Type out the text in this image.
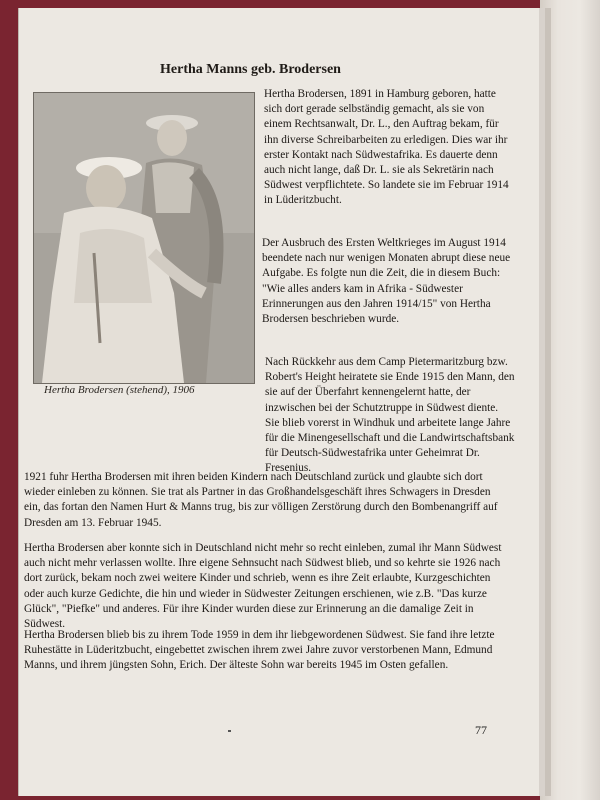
Hertha Manns geb. Brodersen
Hertha Brodersen (stehend), 1906

Hertha Brodersen, 1891 in Hamburg geboren, hatte sich dort gerade selbständig gemacht, als sie von einem Rechtsanwalt, Dr. L., den Auftrag bekam, für ihn diverse Schreibarbeiten zu erledigen. Dies war ihr erster Kontakt nach Südwestafrika. Es dauerte denn auch nicht lange, daß Dr. L. sie als Sekretärin nach Südwest verpflichtete. So landete sie im Februar 1914 in Lüderitzbucht.

Der Ausbruch des Ersten Weltkrieges im August 1914 beendete nach nur wenigen Monaten abrupt diese neue Aufgabe. Es folgte nun die Zeit, die in diesem Buch: "Wie alles anders kam in Afrika - Südwester Erinnerungen aus den Jahren 1914/15" von Hertha Brodersen beschrieben wurde.

Nach Rückkehr aus dem Camp Pietermaritzburg bzw. Robert's Height heiratete sie Ende 1915 den Mann, den sie auf der Überfahrt kennengelernt hatte, der inzwischen bei der Schutztruppe in Südwest diente. Sie blieb vorerst in Windhuk und arbeitete lange Jahre für die Minengesellschaft und die Landwirtschaftsbank für Deutsch-Südwestafrika unter Geheimrat Dr. Fresenius.

1921 fuhr Hertha Brodersen mit ihren beiden Kindern nach Deutschland zurück und glaubte sich dort wieder einleben zu können. Sie trat als Partner in das Großhandelsgeschäft ihres Schwagers in Dresden ein, das fortan den Namen Hurt & Manns trug, bis zur völligen Zerstörung durch den Bombenangriff auf Dresden am 13. Februar 1945.

Hertha Brodersen aber konnte sich in Deutschland nicht mehr so recht einleben, zumal ihr Mann Südwest auch nicht mehr verlassen wollte. Ihre eigene Sehnsucht nach Südwest blieb, und so kehrte sie 1926 nach dort zurück, bekam noch zwei weitere Kinder und schrieb, wenn es ihre Zeit erlaubte, Kurzgeschichten oder auch kurze Gedichte, die hin und wieder in Südwester Zeitungen erschienen, wie z.B. "Das kurze Glück", "Piefke" und anderes. Für ihre Kinder wurden diese zur Erinnerung an die damalige Zeit in Südwest.

Hertha Brodersen blieb bis zu ihrem Tode 1959 in dem ihr liebgewordenen Südwest. Sie fand ihre letzte Ruhestätte in Lüderitzbucht, eingebettet zwischen ihrem zwei Jahre zuvor verstorbenen Mann, Edmund Manns, und ihrem jüngsten Sohn, Erich. Der älteste Sohn war bereits 1945 im Osten gefallen.

77
